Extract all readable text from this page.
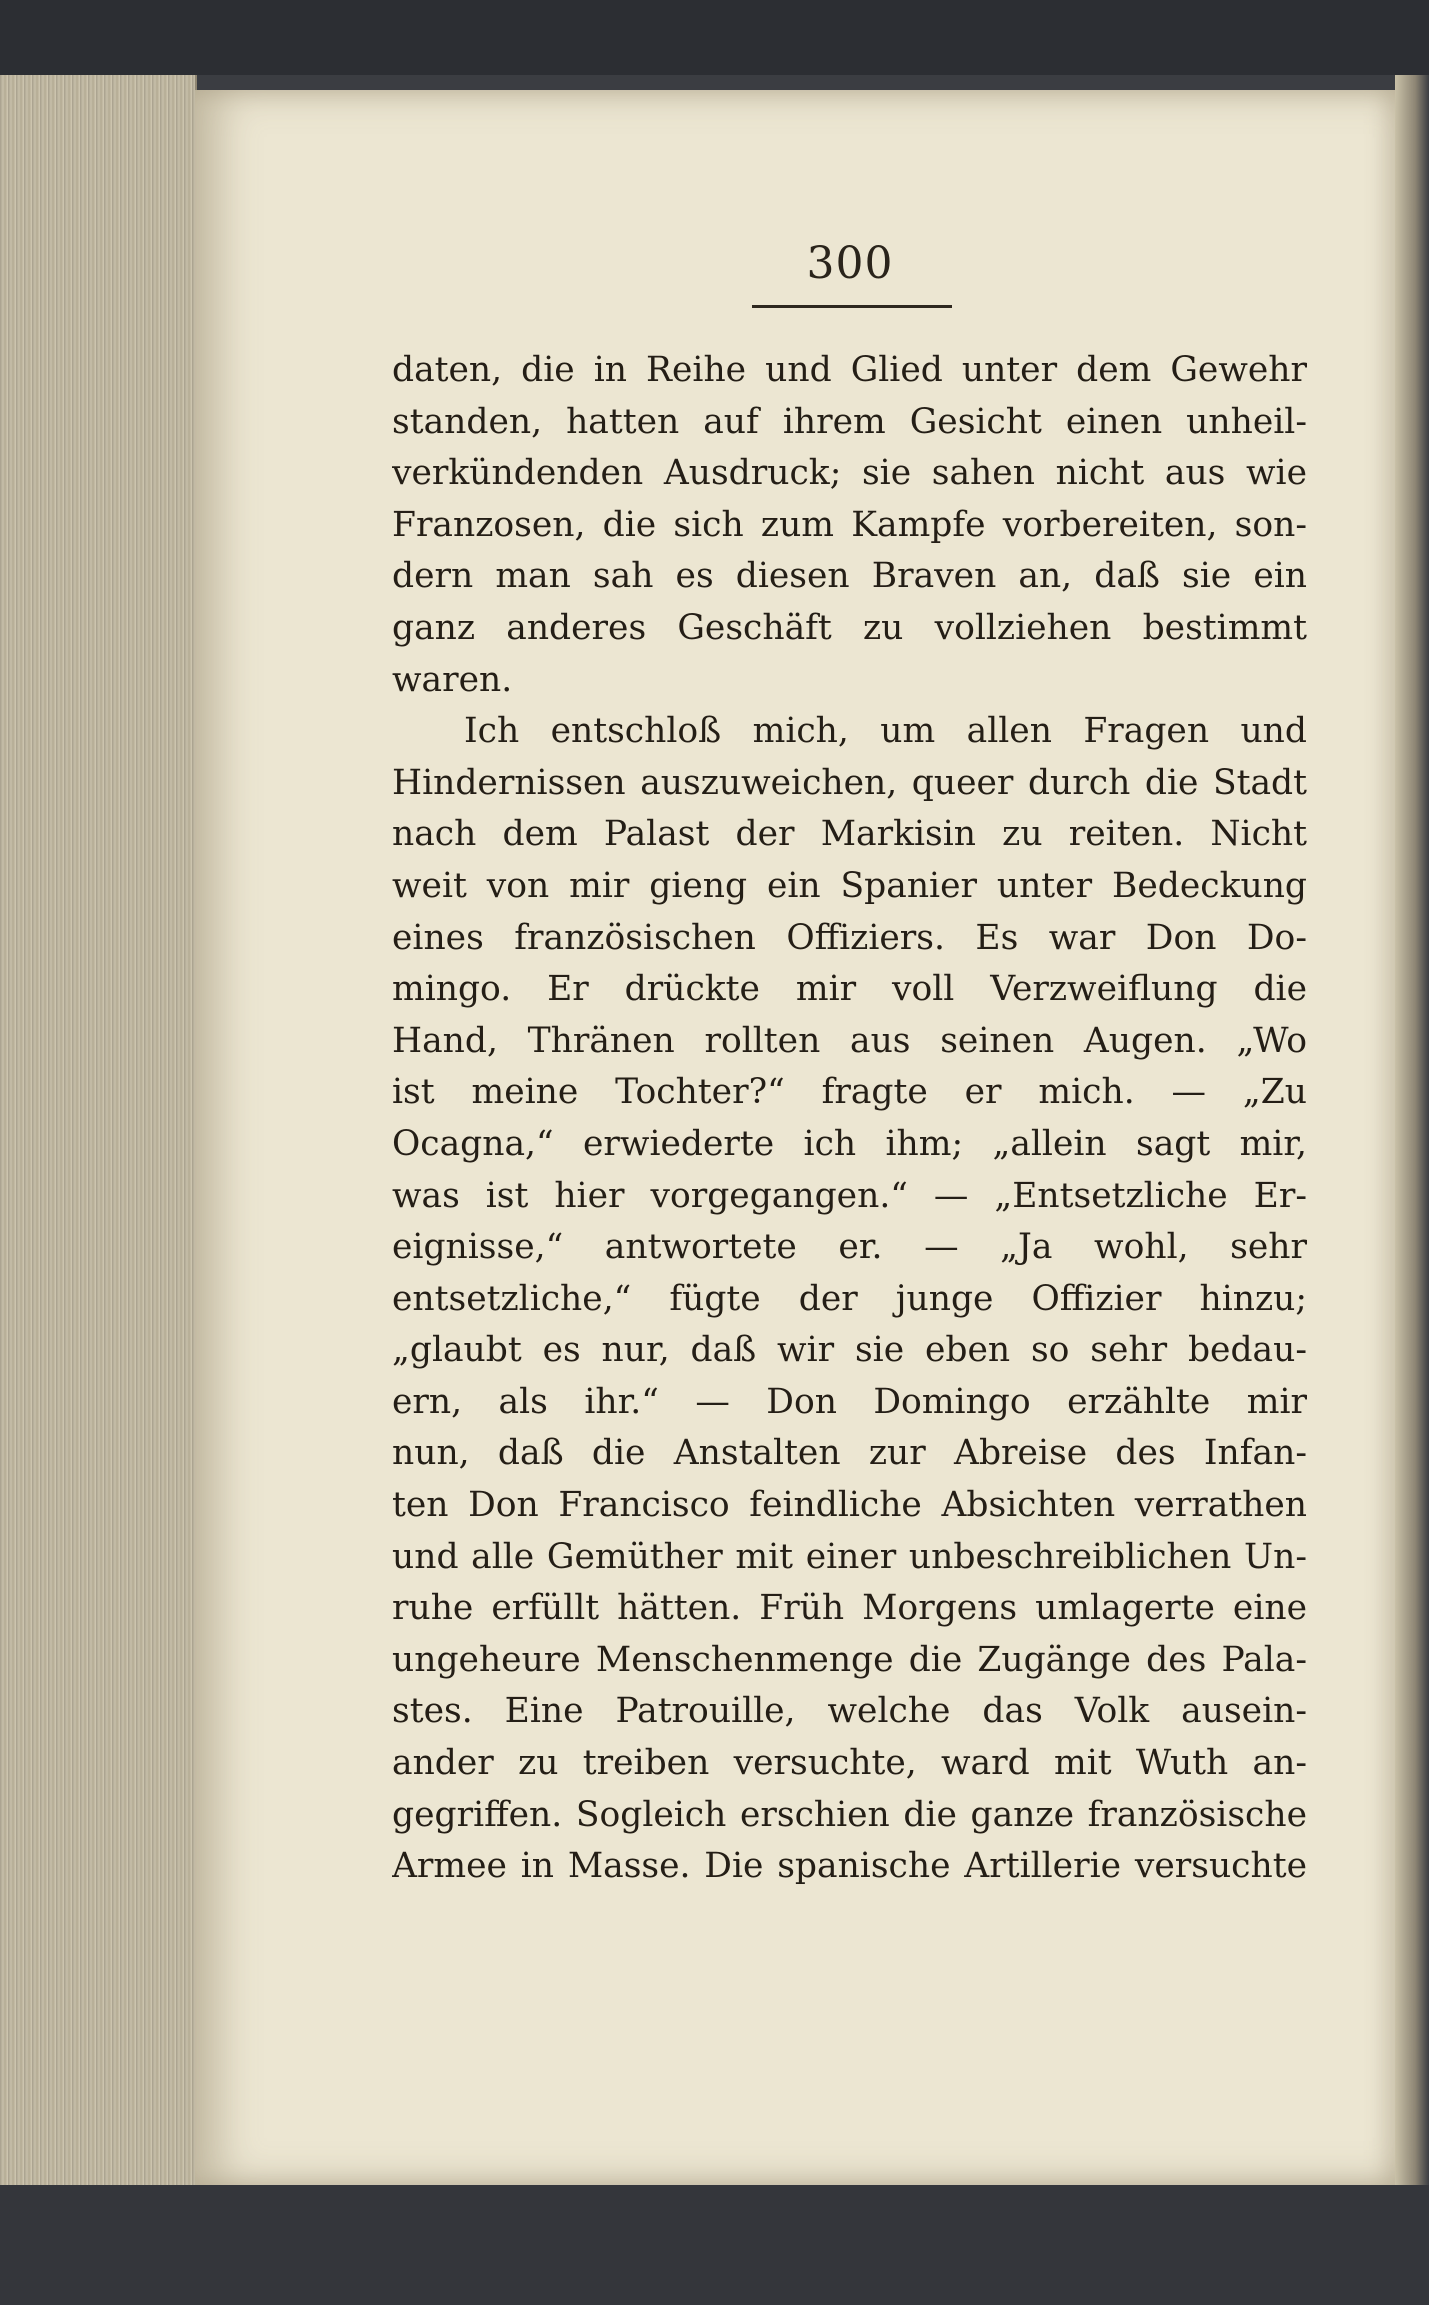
300
daten, die in Reihe und Glied unter dem Gewehr
standen, hatten auf ihrem Gesicht einen unheil-
verkündenden Ausdruck; sie sahen nicht aus wie
Franzosen, die sich zum Kampfe vorbereiten, son-
dern man sah es diesen Braven an, daß sie ein
ganz anderes Geschäft zu vollziehen bestimmt
waren.
Ich entschloß mich, um allen Fragen und
Hindernissen auszuweichen, queer durch die Stadt
nach dem Palast der Markisin zu reiten. Nicht
weit von mir gieng ein Spanier unter Bedeckung
eines französischen Offiziers. Es war Don Do-
mingo. Er drückte mir voll Verzweiflung die
Hand, Thränen rollten aus seinen Augen. „Wo
ist meine Tochter?“ fragte er mich. — „Zu
Ocagna,“ erwiederte ich ihm; „allein sagt mir,
was ist hier vorgegangen.“ — „Entsetzliche Er-
eignisse,“ antwortete er. — „Ja wohl, sehr
entsetzliche,“ fügte der junge Offizier hinzu;
„glaubt es nur, daß wir sie eben so sehr bedau-
ern, als ihr.“ — Don Domingo erzählte mir
nun, daß die Anstalten zur Abreise des Infan-
ten Don Francisco feindliche Absichten verrathen
und alle Gemüther mit einer unbeschreiblichen Un-
ruhe erfüllt hätten. Früh Morgens umlagerte eine
ungeheure Menschenmenge die Zugänge des Pala-
stes. Eine Patrouille, welche das Volk ausein-
ander zu treiben versuchte, ward mit Wuth an-
gegriffen. Sogleich erschien die ganze französische
Armee in Masse. Die spanische Artillerie versuchte
